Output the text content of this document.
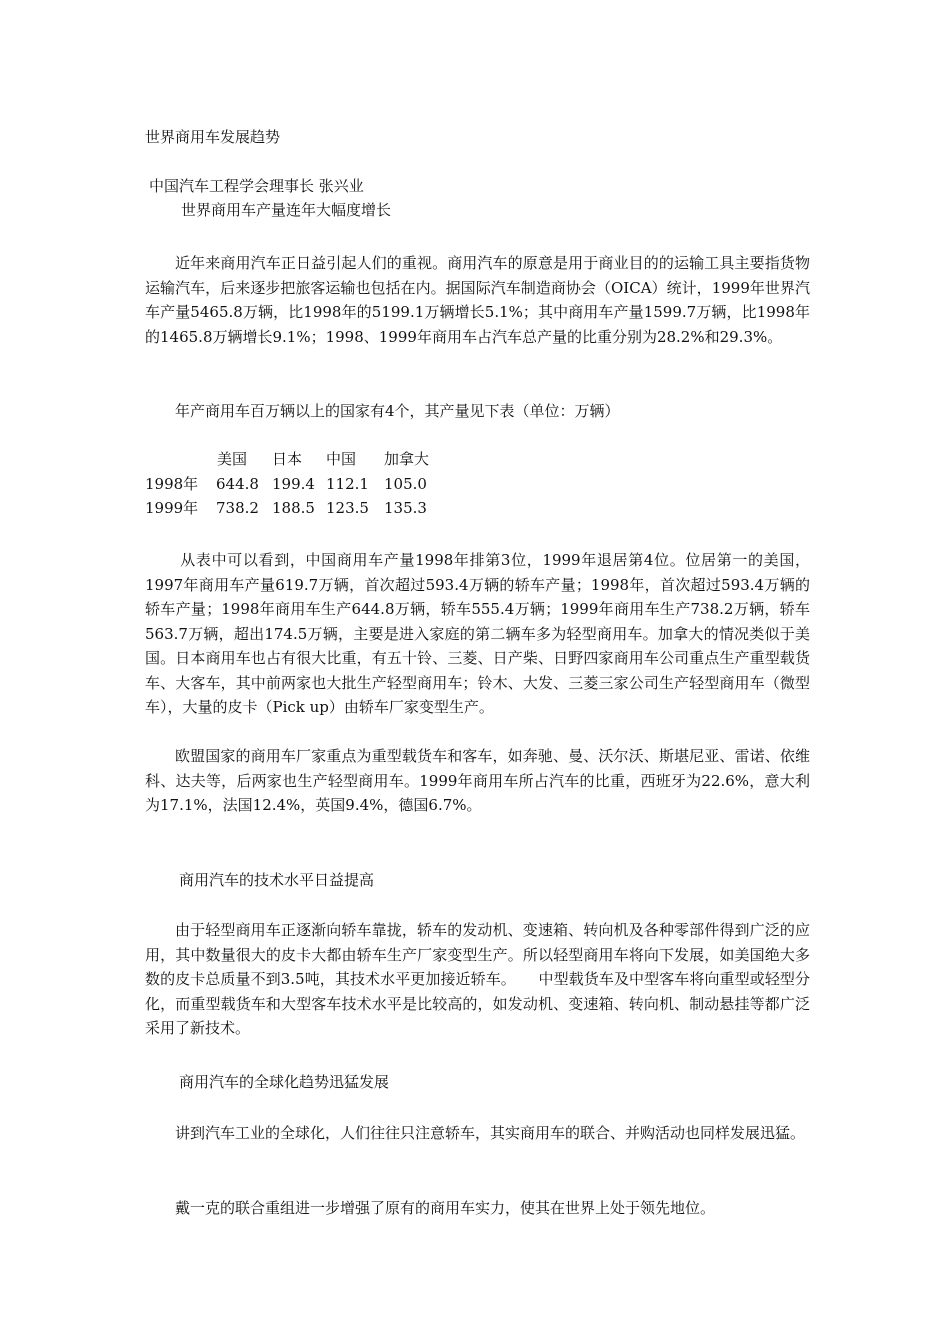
世界商用车发展趋势
中国汽车工程学会理事长 张兴业
世界商用车产量连年大幅度增长
近年来商用汽车正日益引起人们的重视。商用汽车的原意是用于商业目的的运输工具主要指货物运输汽车，后来逐步把旅客运输也包括在内。据国际汽车制造商协会（OICA）统计，1999年世界汽车产量5465.8万辆，比1998年的5199.1万辆增长5.1%；其中商用车产量1599.7万辆，比1998年的1465.8万辆增长9.1%；1998、1999年商用车占汽车总产量的比重分别为28.2%和29.3%。
年产商用车百万辆以上的国家有4个，其产量见下表（单位：万辆）
	美国	日本	中国	加拿大
1998年	644.8	199.4	112.1	105.0
1999年	738.2	188.5	123.5	135.3
从表中可以看到，中国商用车产量1998年排第3位，1999年退居第4位。位居第一的美国，1997年商用车产量619.7万辆，首次超过593.4万辆的轿车产量；1998年，首次超过593.4万辆的轿车产量；1998年商用车生产644.8万辆，轿车555.4万辆；1999年商用车生产738.2万辆，轿车563.7万辆，超出174.5万辆，主要是进入家庭的第二辆车多为轻型商用车。加拿大的情况类似于美国。日本商用车也占有很大比重，有五十铃、三菱、日产柴、日野四家商用车公司重点生产重型载货车、大客车，其中前两家也大批生产轻型商用车；铃木、大发、三菱三家公司生产轻型商用车（微型车），大量的皮卡（Pick up）由轿车厂家变型生产。
欧盟国家的商用车厂家重点为重型载货车和客车，如奔驰、曼、沃尔沃、斯堪尼亚、雷诺、依维科、达夫等，后两家也生产轻型商用车。1999年商用车所占汽车的比重，西班牙为22.6%，意大利为17.1%，法国12.4%，英国9.4%，德国6.7%。
商用汽车的技术水平日益提高
由于轻型商用车正逐渐向轿车靠拢，轿车的发动机、变速箱、转向机及各种零部件得到广泛的应用，其中数量很大的皮卡大都由轿车生产厂家变型生产。所以轻型商用车将向下发展，如美国绝大多数的皮卡总质量不到3.5吨，其技术水平更加接近轿车。　　中型载货车及中型客车将向重型或轻型分化，而重型载货车和大型客车技术水平是比较高的，如发动机、变速箱、转向机、制动悬挂等都广泛采用了新技术。
商用汽车的全球化趋势迅猛发展
讲到汽车工业的全球化，人们往往只注意轿车，其实商用车的联合、并购活动也同样发展迅猛。
戴一克的联合重组进一步增强了原有的商用车实力，使其在世界上处于领先地位。
